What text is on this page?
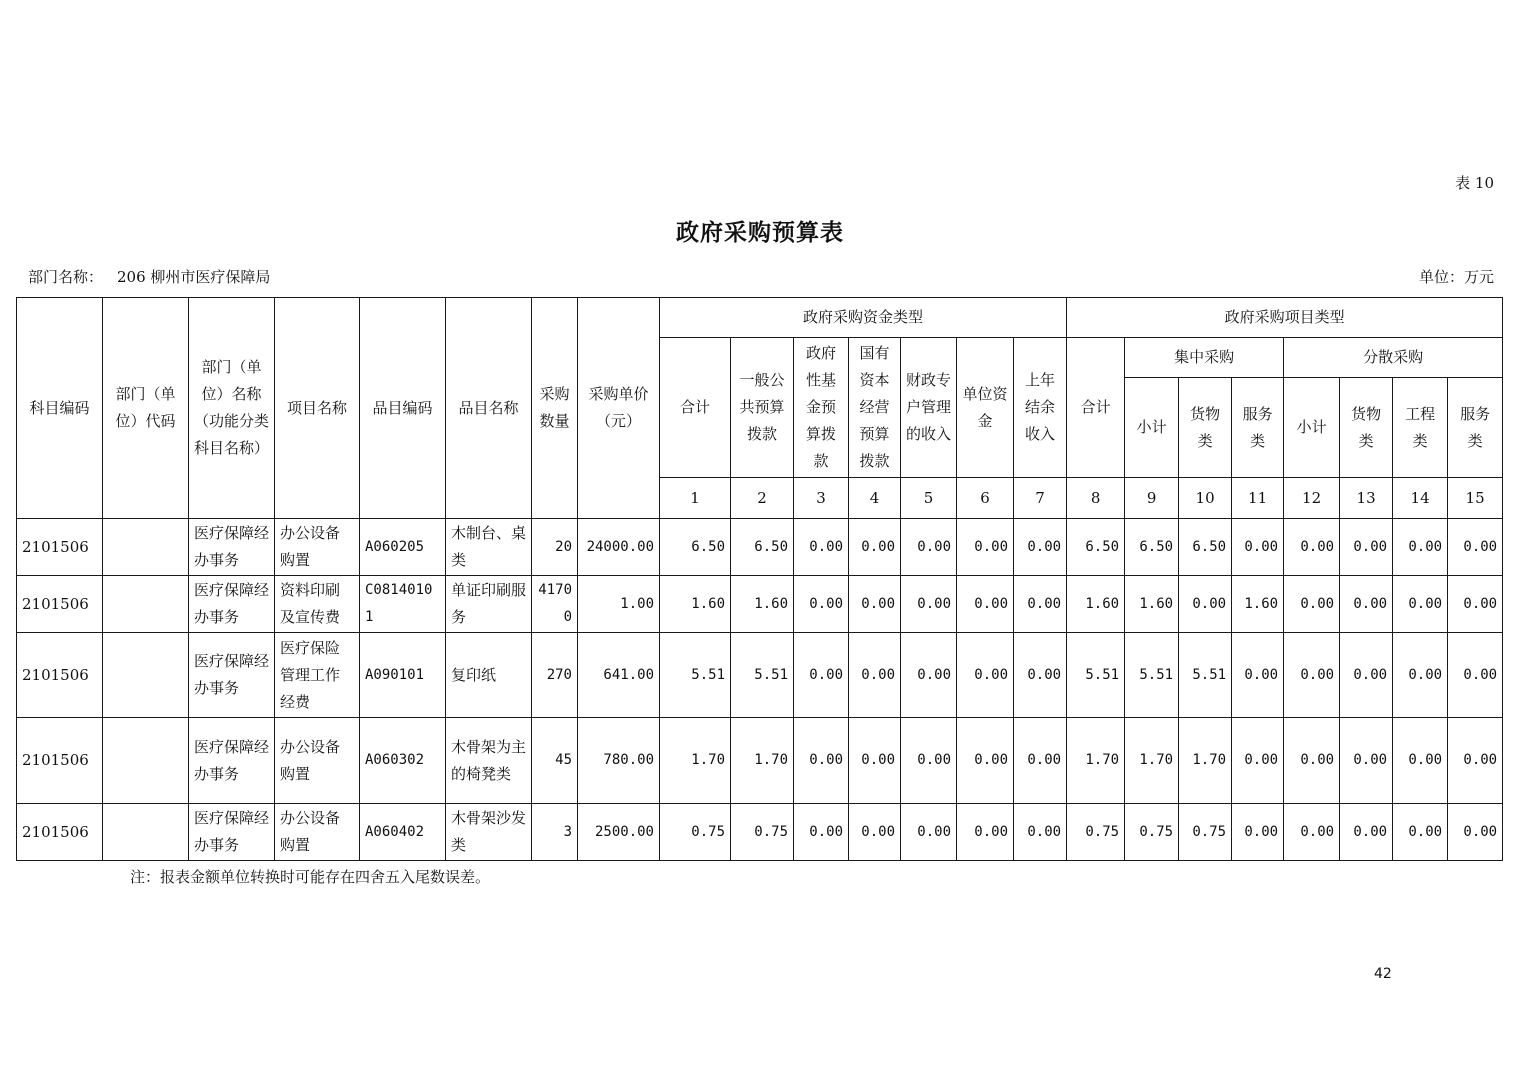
表 10
政府采购预算表
部门名称： 206 柳州市医疗保障局	单位：万元
科目编码	部门（单位）代码	部门（单位）名称（功能分类科目名称）	项目名称	品目编码	品目名称	采购数量	采购单价（元）	政府采购资金类型							政府采购项目类型							
								合计	一般公共预算拨款	政府性基金预算拨款	国有资本经营预算拨款	财政专户管理的收入	单位资金	上年结余收入	合计	集中采购			分散采购			
																小计	货物类	服务类	小计	货物类	工程类	服务类
								1	2	3	4	5	6	7	8	9	10	11	12	13	14	15
2101506		医疗保障经办事务	办公设备购置	A060205	木制台、桌类	20	24000.00	6.50	6.50	0.00	0.00	0.00	0.00	0.00	6.50	6.50	6.50	0.00	0.00	0.00	0.00	0.00
2101506		医疗保障经办事务	资料印刷及宣传费	C08140101	单证印刷服务	41700	1.00	1.60	1.60	0.00	0.00	0.00	0.00	0.00	1.60	1.60	0.00	1.60	0.00	0.00	0.00	0.00
2101506		医疗保障经办事务	医疗保险管理工作经费	A090101	复印纸	270	641.00	5.51	5.51	0.00	0.00	0.00	0.00	0.00	5.51	5.51	5.51	0.00	0.00	0.00	0.00	0.00
2101506		医疗保障经办事务	办公设备购置	A060302	木骨架为主的椅凳类	45	780.00	1.70	1.70	0.00	0.00	0.00	0.00	0.00	1.70	1.70	1.70	0.00	0.00	0.00	0.00	0.00
2101506		医疗保障经办事务	办公设备购置	A060402	木骨架沙发类	3	2500.00	0.75	0.75	0.00	0.00	0.00	0.00	0.00	0.75	0.75	0.75	0.00	0.00	0.00	0.00	0.00
注：报表金额单位转换时可能存在四舍五入尾数误差。
42
